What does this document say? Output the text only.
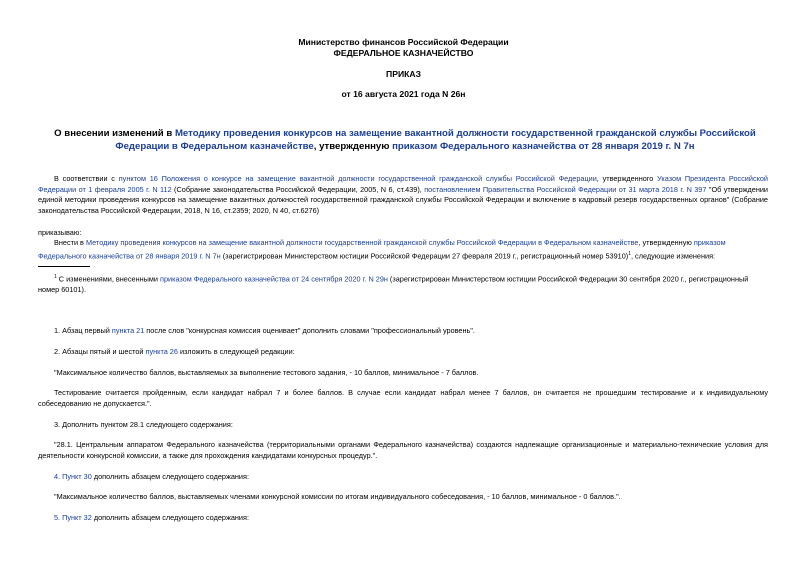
Министерство финансов Российской Федерации
ФЕДЕРАЛЬНОЕ КАЗНАЧЕЙСТВО
ПРИКАЗ
от 16 августа 2021 года N 26н
О внесении изменений в Методику проведения конкурсов на замещение вакантной должности государственной гражданской службы Российской Федерации в Федеральном казначействе, утвержденную приказом Федерального казначейства от 28 января 2019 г. N 7н
В соответствии с пунктом 16 Положения о конкурсе на замещение вакантной должности государственной гражданской службы Российской Федерации, утвержденного Указом Президента Российской Федерации от 1 февраля 2005 г. N 112 (Собрание законодательства Российской Федерации, 2005, N 6, ст.439), постановлением Правительства Российской Федерации от 31 марта 2018 г. N 397 "Об утверждении единой методики проведения конкурсов на замещение вакантных должностей государственной гражданской службы Российской Федерации и включение в кадровый резерв государственных органов" (Собрание законодательства Российской Федерации, 2018, N 16, ст.2359; 2020, N 40, ст.6276)
приказываю:
Внести в Методику проведения конкурсов на замещение вакантной должности государственной гражданской службы Российской Федерации в Федеральном казначействе, утвержденную приказом Федерального казначейства от 28 января 2019 г. N 7н (зарегистрирован Министерством юстиции Российской Федерации 27 февраля 2019 г., регистрационный номер 53910)$^1$, следующие изменения:
$^1$ С изменениями, внесенными приказом Федерального казначейства от 24 сентября 2020 г. N 29н (зарегистрирован Министерством юстиции Российской Федерации 30 сентября 2020 г., регистрационный номер 60101).
1. Абзац первый пункта 21 после слов "конкурсная комиссия оценивает" дополнить словами "профессиональный уровень".
2. Абзацы пятый и шестой пункта 26 изложить в следующей редакции:
"Максимальное количество баллов, выставляемых за выполнение тестового задания, - 10 баллов, минимальное - 7 баллов.
Тестирование считается пройденным, если кандидат набрал 7 и более баллов. В случае если кандидат набрал менее 7 баллов, он считается не прошедшим тестирование и к индивидуальному собеседованию не допускается.".
3. Дополнить пунктом 28.1 следующего содержания:
"28.1. Центральным аппаратом Федерального казначейства (территориальными органами Федерального казначейства) создаются надлежащие организационные и материально-технические условия для деятельности конкурсной комиссии, а также для прохождения кандидатами конкурсных процедур.".
4. Пункт 30 дополнить абзацем следующего содержания:
"Максимальное количество баллов, выставляемых членами конкурсной комиссии по итогам индивидуального собеседования, - 10 баллов, минимальное - 0 баллов.".
5. Пункт 32 дополнить абзацем следующего содержания:
